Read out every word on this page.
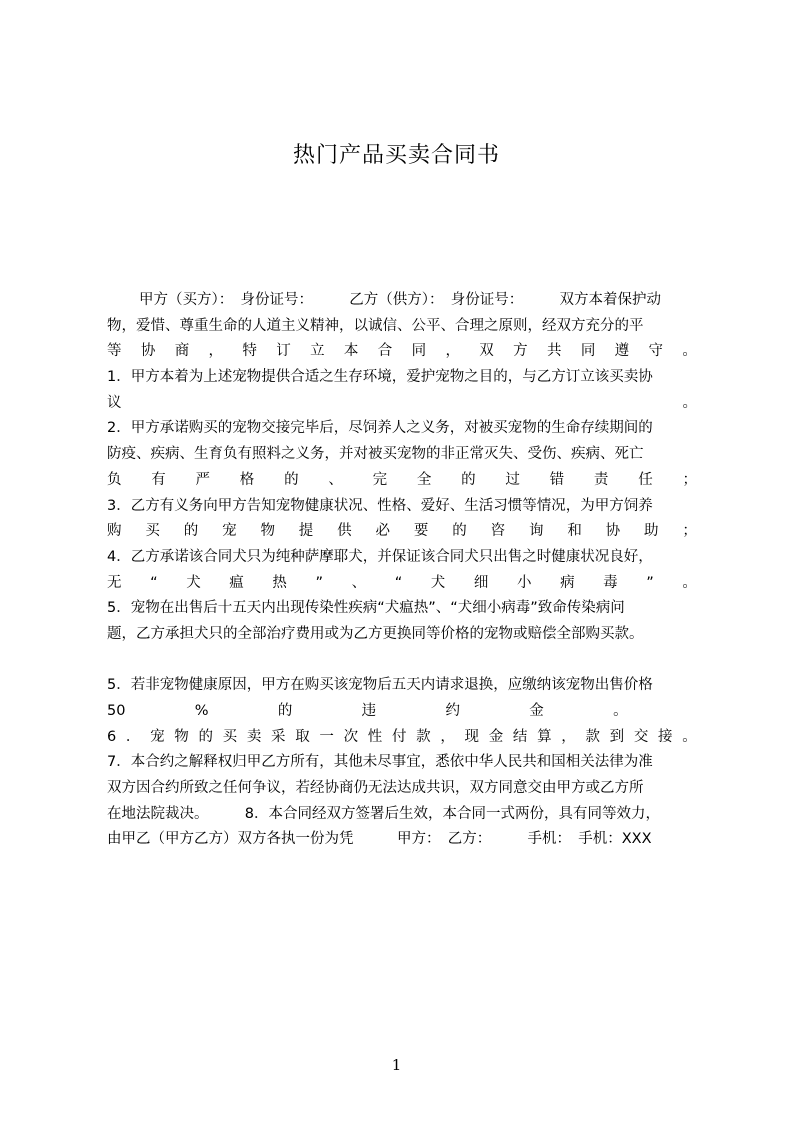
热门产品买卖合同书
甲方（买方）：　身份证号：　　　乙方（供方）：　身份证号：　　　双方本着保护动
物，爱惜、尊重生命的人道主义精神，以诚信、公平、合理之原则，经双方充分的平
等 协 商 ， 特 订 立 本 合 同 ， 双 方 共 同 遵 守 。
1．甲方本着为上述宠物提供合适之生存环境，爱护宠物之目的，与乙方订立该买卖协
议	。
2．甲方承诺购买的宠物交接完毕后，尽饲养人之义务，对被买宠物的生命存续期间的
防疫、疾病、生育负有照料之义务，并对被买宠物的非正常灭失、受伤、疾病、死亡
负 有 严 格 的 、 完 全 的 过 错 责 任 ；
3．乙方有义务向甲方告知宠物健康状况、性格、爱好、生活习惯等情况，为甲方饲养
购 买 的 宠 物 提 供 必 要 的 咨 询 和 协 助 ；
4．乙方承诺该合同犬只为纯种萨摩耶犬，并保证该合同犬只出售之时健康状况良好，
无 “ 犬 瘟 热 ” 、 “ 犬 细 小 病 毒 ” 。
5．宠物在出售后十五天内出现传染性疾病“犬瘟热”、“犬细小病毒”致命传染病问
题，乙方承担犬只的全部治疗费用或为乙方更换同等价格的宠物或赔偿全部购买款。
5．若非宠物健康原因，甲方在购买该宠物后五天内请求退换，应缴纳该宠物出售价格
50	%	的	违	约	金	。
6 ． 宠 物 的 买 卖 采 取 一 次 性 付 款 ， 现 金 结 算 ， 款 到 交 接 。
7．本合约之解释权归甲乙方所有，其他未尽事宜，悉依中华人民共和国相关法律为准
双方因合约所致之任何争议，若经协商仍无法达成共识，双方同意交由甲方或乙方所
在地法院裁决。　　　8．本合同经双方签署后生效，本合同一式两份，具有同等效力，
由甲乙（甲方乙方）双方各执一份为凭　　　甲方：　乙方：　　　手机：　手机：XXX
1
